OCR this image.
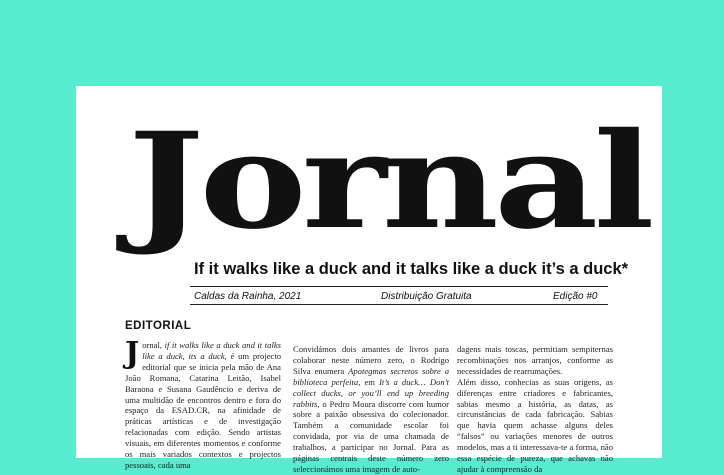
Jornal
If it walks like a duck and it talks like a duck it’s a duck*
Caldas da Rainha, 2021	Distribuição Gratuita	Edição #0
EDITORIAL

Jornal, if it walks like a duck and it talks like a duck, its a duck, é um projecto editorial que se inicia pela mão de Ana João Romana, Catarina Leitão, Isabel Baraona e Susana Gaudêncio e deriva de uma multidão de encontros dentro e fora do espaço da ESAD.CR, na afinidade de práticas artísticas e de investigação relacionadas com edição. Sendo artistas visuais, em diferentes momentos e conforme os mais variados contextos e projectos pessoais, cada uma

Convidámos dois amantes de livros para colaborar neste número zero, o Rodrigo Silva enumera Apotegmas secretos sobre a biblioteca perfeita, em It’s a duck… Don’t collect ducks, or you’ll end up breeding rabbits, o Pedro Moura discorre com humor sobre a paixão obsessiva do colecionador. Também a comunidade escolar foi convidada, por via de uma chamada de trabalhos, a participar no Jornal. Para as páginas centrais deste número zero seleccionámos uma imagem de auto-

dagens mais toscas, permitiam sempiternas recombinações nos arranjos, conforme as necessidades de rearrumações.

Além disso, conhecias as suas origens, as diferenças entre criadores e fabricantes, sabias mesmo a história, as datas, as circunstâncias de cada fabricação. Sabias que havia quem achasse alguns deles “falsos” ou variações menores de outros modelos, mas a ti interessava-te a forma, não essa espécie de pureza, que achavas não ajudar à compreensão da
